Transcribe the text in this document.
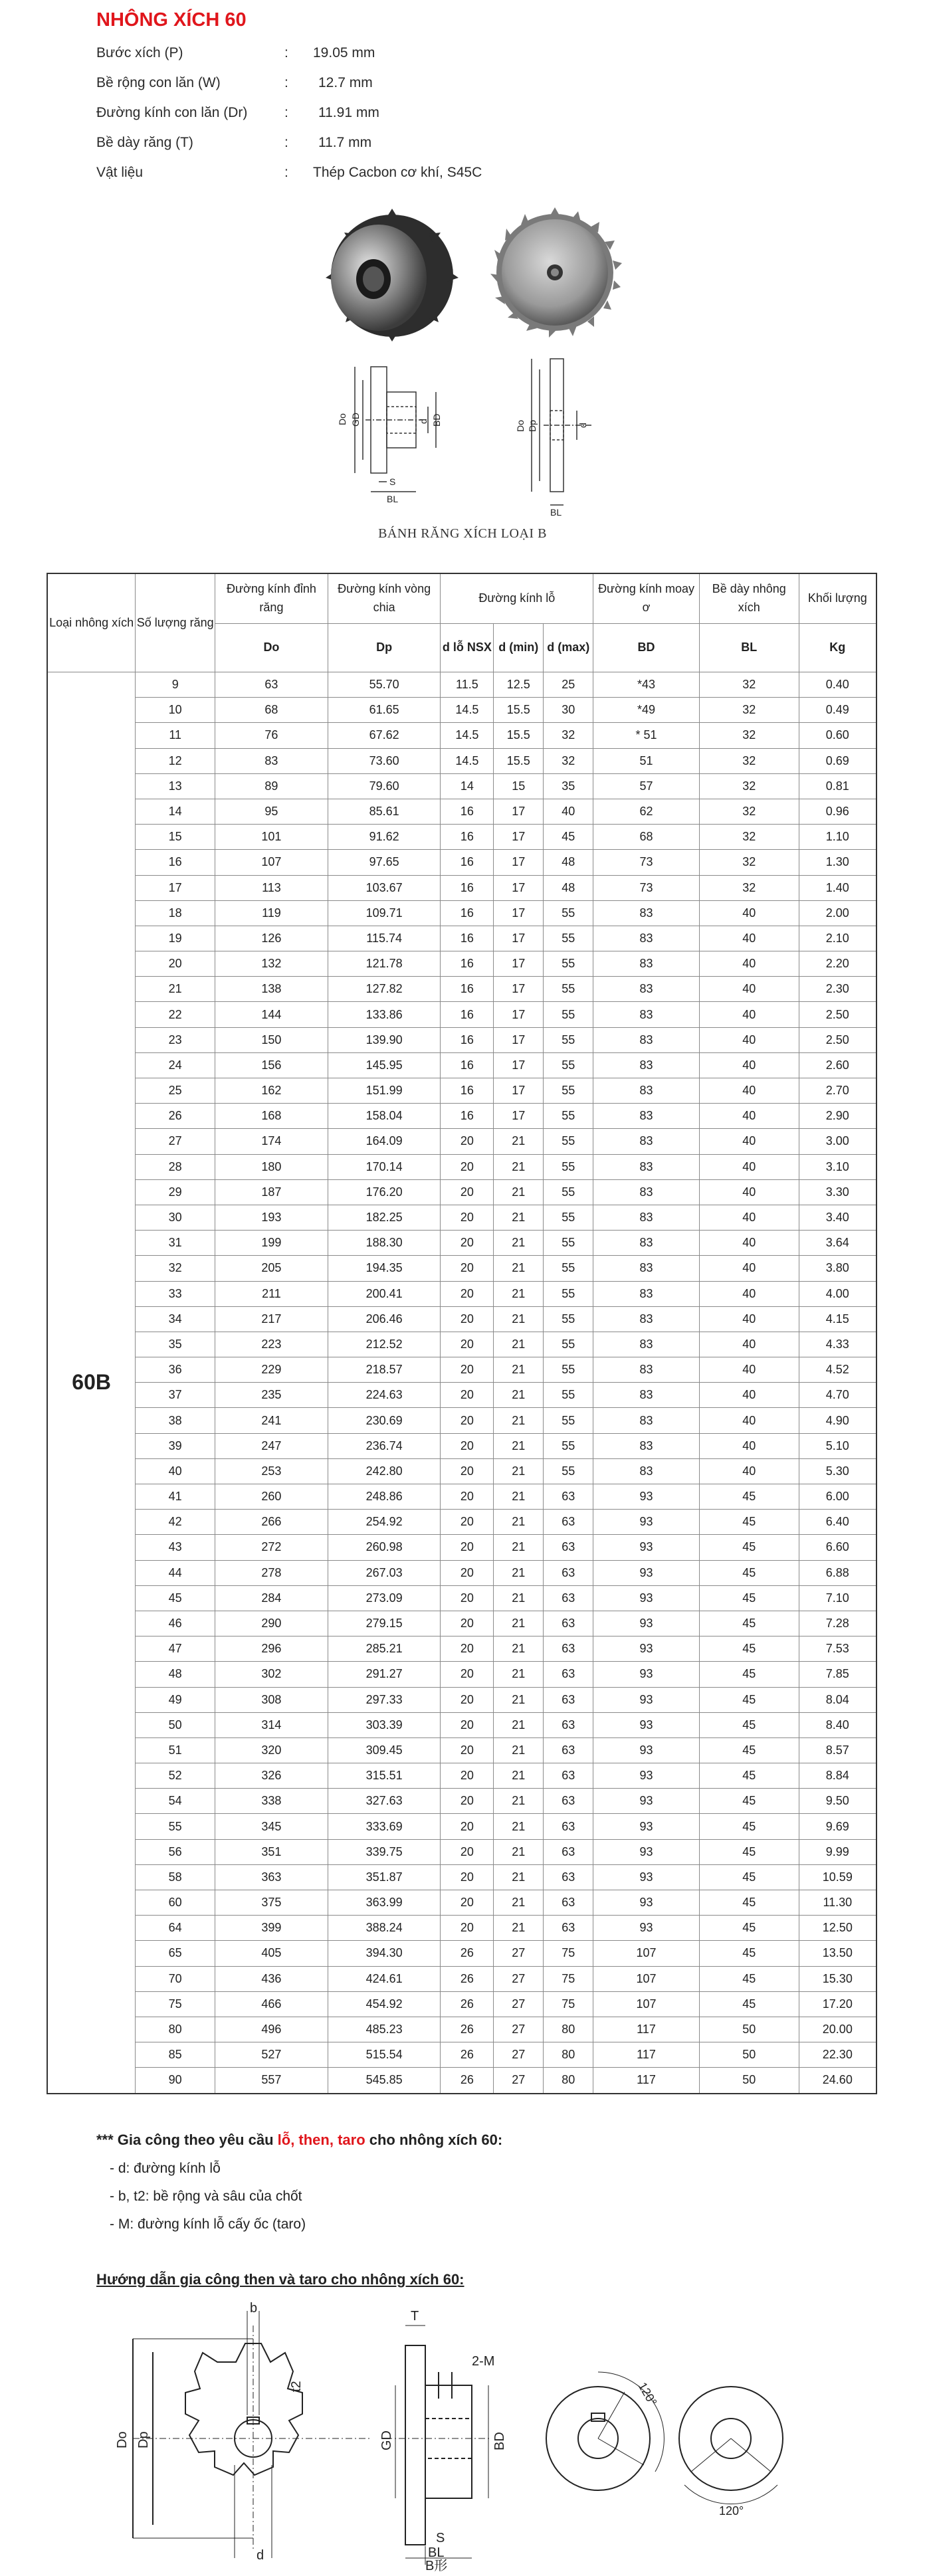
NHÔNG XÍCH 60
Bước xích (P)	: 19.05 mm
Bề rộng con lăn (W)	: 12.7 mm
Đường kính con lăn (Dr)	: 11.91 mm
Bề dày răng (T)	: 11.7 mm
Vật liệu	: Thép Cacbon cơ khí, S45C
Do GD	d BD
S
BL
Do Dp	d
BL
BÁNH RĂNG XÍCH LOẠI B
Loại nhông xích	Số lượng răng	Đường kính đỉnh răng	Đường kính vòng chia	Đường kính lỗ			Đường kính moay ơ	Bề dày nhông xích	Khối lượng
		Do	Dp	d lỗ NSX	d (min)	d (max)	BD	BL	Kg
60B	9	63	55.70	11.5	12.5	25	*43	32	0.40
	10	68	61.65	14.5	15.5	30	*49	32	0.49
	11	76	67.62	14.5	15.5	32	* 51	32	0.60
	12	83	73.60	14.5	15.5	32	51	32	0.69
	13	89	79.60	14	15	35	57	32	0.81
	14	95	85.61	16	17	40	62	32	0.96
	15	101	91.62	16	17	45	68	32	1.10
	16	107	97.65	16	17	48	73	32	1.30
	17	113	103.67	16	17	48	73	32	1.40
	18	119	109.71	16	17	55	83	40	2.00
	19	126	115.74	16	17	55	83	40	2.10
	20	132	121.78	16	17	55	83	40	2.20
	21	138	127.82	16	17	55	83	40	2.30
	22	144	133.86	16	17	55	83	40	2.50
	23	150	139.90	16	17	55	83	40	2.50
	24	156	145.95	16	17	55	83	40	2.60
	25	162	151.99	16	17	55	83	40	2.70
	26	168	158.04	16	17	55	83	40	2.90
	27	174	164.09	20	21	55	83	40	3.00
	28	180	170.14	20	21	55	83	40	3.10
	29	187	176.20	20	21	55	83	40	3.30
	30	193	182.25	20	21	55	83	40	3.40
	31	199	188.30	20	21	55	83	40	3.64
	32	205	194.35	20	21	55	83	40	3.80
	33	211	200.41	20	21	55	83	40	4.00
	34	217	206.46	20	21	55	83	40	4.15
	35	223	212.52	20	21	55	83	40	4.33
	36	229	218.57	20	21	55	83	40	4.52
	37	235	224.63	20	21	55	83	40	4.70
	38	241	230.69	20	21	55	83	40	4.90
	39	247	236.74	20	21	55	83	40	5.10
	40	253	242.80	20	21	55	83	40	5.30
	41	260	248.86	20	21	63	93	45	6.00
	42	266	254.92	20	21	63	93	45	6.40
	43	272	260.98	20	21	63	93	45	6.60
	44	278	267.03	20	21	63	93	45	6.88
	45	284	273.09	20	21	63	93	45	7.10
	46	290	279.15	20	21	63	93	45	7.28
	47	296	285.21	20	21	63	93	45	7.53
	48	302	291.27	20	21	63	93	45	7.85
	49	308	297.33	20	21	63	93	45	8.04
	50	314	303.39	20	21	63	93	45	8.40
	51	320	309.45	20	21	63	93	45	8.57
	52	326	315.51	20	21	63	93	45	8.84
	54	338	327.63	20	21	63	93	45	9.50
	55	345	333.69	20	21	63	93	45	9.69
	56	351	339.75	20	21	63	93	45	9.99
	58	363	351.87	20	21	63	93	45	10.59
	60	375	363.99	20	21	63	93	45	11.30
	64	399	388.24	20	21	63	93	45	12.50
	65	405	394.30	26	27	75	107	45	13.50
	70	436	424.61	26	27	75	107	45	15.30
	75	466	454.92	26	27	75	107	45	17.20
	80	496	485.23	26	27	80	117	50	20.00
	85	527	515.54	26	27	80	117	50	22.30
	90	557	545.85	26	27	80	117	50	24.60
*** Gia công theo yêu cầu lỗ, then, taro cho nhông xích 60:
- d: đường kính lỗ
- b, t2: bề rộng và sâu của chốt
- M: đường kính lỗ cấy ốc (taro)
Hướng dẫn gia công then và taro cho nhông xích 60:
b
t2
Do Dp
d
T
2-M
GD	BD
S
BL
B形
120°
120°
